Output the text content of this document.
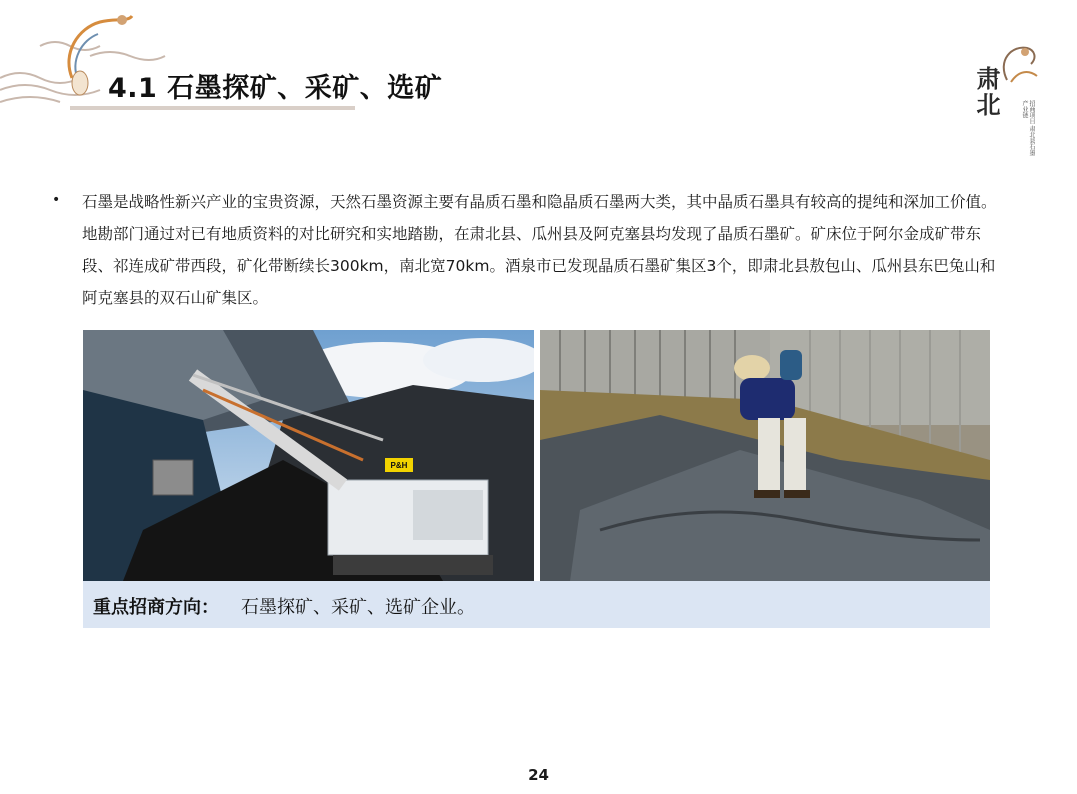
4.1 石墨探矿、采矿、选矿	肃北
招商项目 肃北县石墨产业链
• 石墨是战略性新兴产业的宝贵资源，天然石墨资源主要有晶质石墨和隐晶质石墨两大类，其中晶质石墨具有较高的提纯和深加工价值。地勘部门通过对已有地质资料的对比研究和实地踏勘，在肃北县、瓜州县及阿克塞县均发现了晶质石墨矿。矿床位于阿尔金成矿带东段、祁连成矿带西段，矿化带断续长300km，南北宽70km。酒泉市已发现晶质石墨矿集区3个，即肃北县敖包山、瓜州县东巴兔山和阿克塞县的双石山矿集区。
P&H
重点招商方向： 石墨探矿、采矿、选矿企业。
24
